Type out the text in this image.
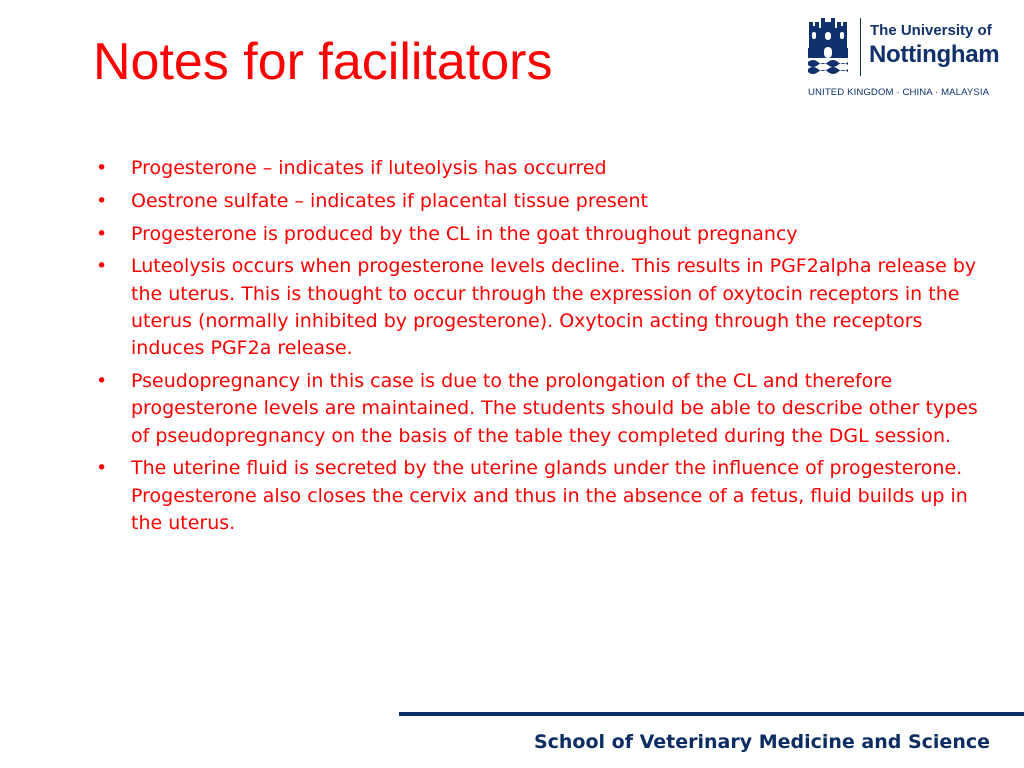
Notes for facilitators
The University of
Nottingham
UNITED KINGDOM · CHINA · MALAYSIA
• Progesterone – indicates if luteolysis has occurred
• Oestrone sulfate – indicates if placental tissue present
• Progesterone is produced by the CL in the goat throughout pregnancy
• Luteolysis occurs when progesterone levels decline. This results in PGF2alpha release by the uterus. This is thought to occur through the expression of oxytocin receptors in the uterus (normally inhibited by progesterone). Oxytocin acting through the receptors induces PGF2a release.
• Pseudopregnancy in this case is due to the prolongation of the CL and therefore progesterone levels are maintained. The students should be able to describe other types of pseudopregnancy on the basis of the table they completed during the DGL session.
• The uterine fluid is secreted by the uterine glands under the influence of progesterone. Progesterone also closes the cervix and thus in the absence of a fetus, fluid builds up in the uterus.
School of Veterinary Medicine and Science
